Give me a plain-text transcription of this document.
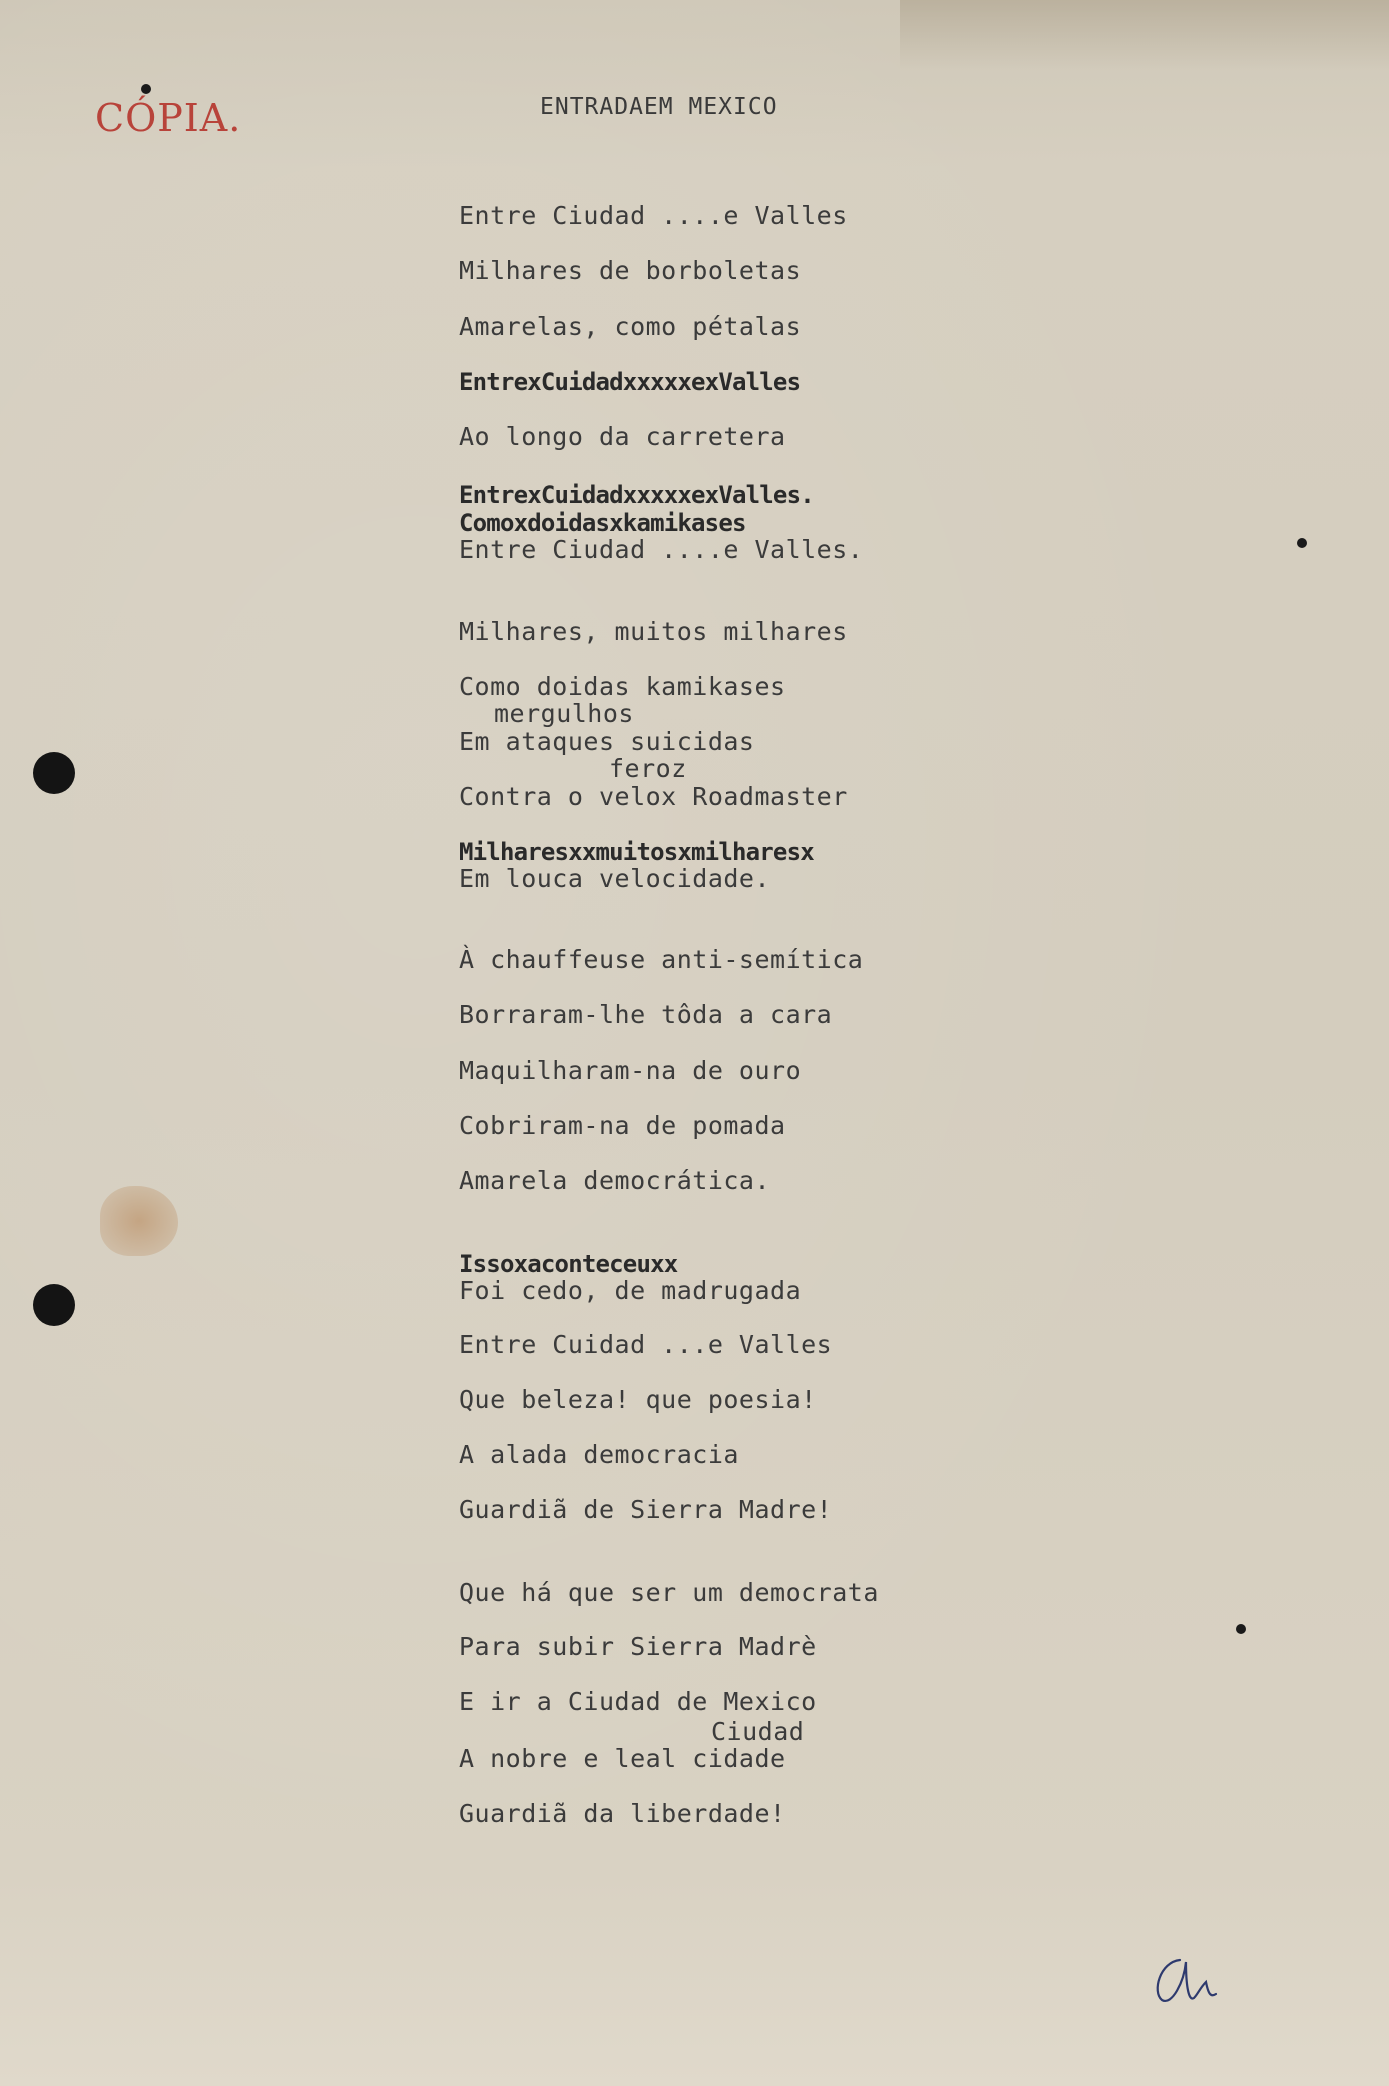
CÓPIA.	ENTRADAEM MEXICO
Entre Ciudad ....e Valles
Milhares de borboletas
Amarelas, como pétalas
EntrexCuidadxxxxxexValles
Ao longo da carretera
EntrexCuidadxxxxxexValles.
Comoxdoidasxkamikases
Entre Ciudad ....e Valles.
Milhares, muitos milhares
Como doidas kamikases
mergulhos
Em ataques suicidas
feroz
Contra o velox Roadmaster
Milharesxxmuitosxmilharesx
Em louca velocidade.
À chauffeuse anti-semítica
Borraram-lhe tôda a cara
Maquilharam-na de ouro
Cobriram-na de pomada
Amarela democrática.
Issoxaconteceuxx
Foi cedo, de madrugada
Entre Cuidad ...e Valles
Que beleza! que poesia!
A alada democracia
Guardiã de Sierra Madre!
Que há que ser um democrata
Para subir Sierra Madrè
E ir a Ciudad de Mexico
Ciudad
A nobre e leal cidade
Guardiã da liberdade!
